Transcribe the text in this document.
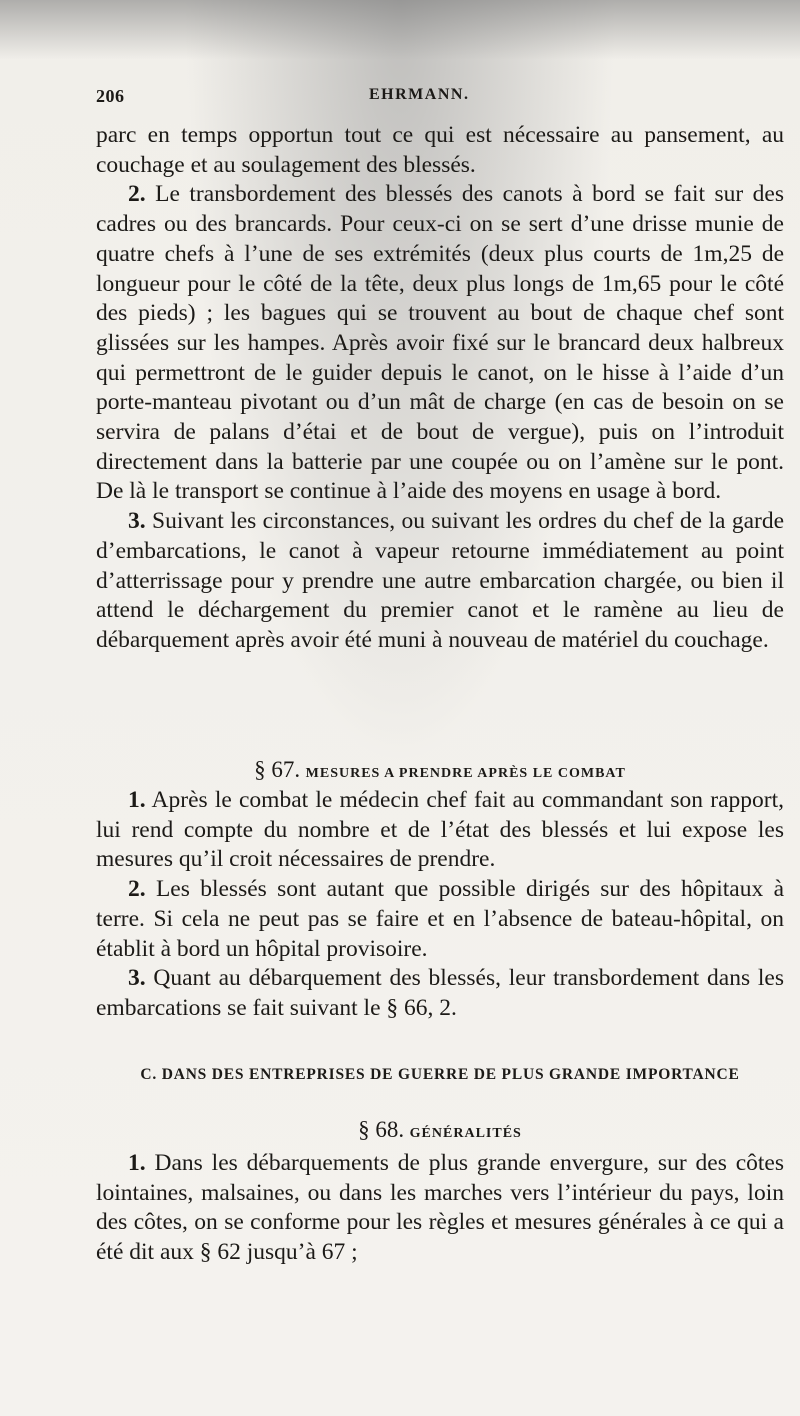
206	EHRMANN.

parc en temps opportun tout ce qui est nécessaire au pansement, au couchage et au soulagement des blessés.

2. Le transbordement des blessés des canots à bord se fait sur des cadres ou des brancards. Pour ceux-ci on se sert d’une drisse munie de quatre chefs à l’une de ses extrémités (deux plus courts de 1m,25 de longueur pour le côté de la tête, deux plus longs de 1m,65 pour le côté des pieds) ; les bagues qui se trouvent au bout de chaque chef sont glissées sur les hampes. Après avoir fixé sur le brancard deux halbreux qui permettront de le guider depuis le canot, on le hisse à l’aide d’un porte-manteau pivotant ou d’un mât de charge (en cas de besoin on se servira de palans d’étai et de bout de vergue), puis on l’introduit directement dans la batterie par une coupée ou on l’amène sur le pont. De là le transport se continue à l’aide des moyens en usage à bord.

3. Suivant les circonstances, ou suivant les ordres du chef de la garde d’embarcations, le canot à vapeur retourne immédiatement au point d’atterrissage pour y prendre une autre embarcation chargée, ou bien il attend le déchargement du premier canot et le ramène au lieu de débarquement après avoir été muni à nouveau de matériel du couchage.

§ 67. MESURES A PRENDRE APRÈS LE COMBAT

1. Après le combat le médecin chef fait au commandant son rapport, lui rend compte du nombre et de l’état des blessés et lui expose les mesures qu’il croit nécessaires de prendre.

2. Les blessés sont autant que possible dirigés sur des hôpitaux à terre. Si cela ne peut pas se faire et en l’absence de bateau-hôpital, on établit à bord un hôpital provisoire.

3. Quant au débarquement des blessés, leur transbordement dans les embarcations se fait suivant le § 66, 2.

C. DANS DES ENTREPRISES DE GUERRE DE PLUS GRANDE IMPORTANCE
§ 68. GÉNÉRALITÉS

1. Dans les débarquements de plus grande envergure, sur des côtes lointaines, malsaines, ou dans les marches vers l’intérieur du pays, loin des côtes, on se conforme pour les règles et mesures générales à ce qui a été dit aux § 62 jusqu’à 67 ;
